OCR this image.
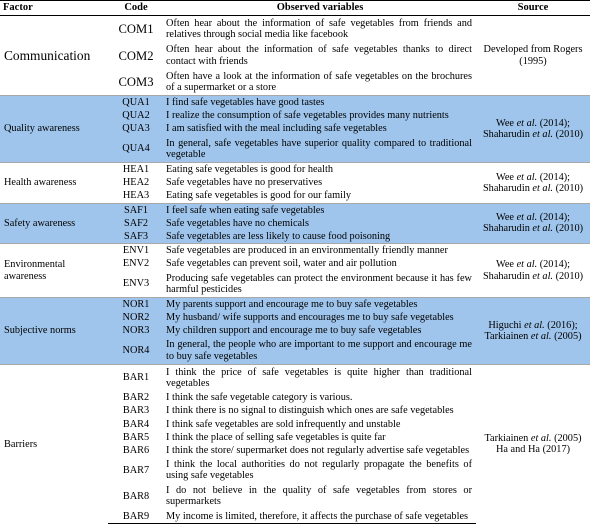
Factor	Code	Observed variables	Source
Communication	COM1	Often hear about the information of safe vegetables from friends and relatives through social media like facebook	Developed from Rogers (1995)
	COM2	Often hear about the information of safe vegetables thanks to direct contact with friends	
	COM3	Often have a look at the information of safe vegetables on the brochures of a supermarket or a store	
Quality awareness	QUA1	I find safe vegetables have good tastes	Wee et al. (2014); Shaharudin et al. (2010)
	QUA2	I realize the consumption of safe vegetables provides many nutrients	
	QUA3	I am satisfied with the meal including safe vegetables	
	QUA4	In general, safe vegetables have superior quality compared to traditional vegetable	
Health awareness	HEA1	Eating safe vegetables is good for health	Wee et al. (2014); Shaharudin et al. (2010)
	HEA2	Safe vegetables have no preservatives	
	HEA3	Eating safe vegetables is good for our family	
Safety awareness	SAF1	I feel safe when eating safe vegetables	Wee et al. (2014); Shaharudin et al. (2010)
	SAF2	Safe vegetables have no chemicals	
	SAF3	Safe vegetables are less likely to cause food poisoning	
Environmental awareness	ENV1	Safe vegetables are produced in an environmentally friendly manner	Wee et al. (2014); Shaharudin et al. (2010)
	ENV2	Safe vegetables can prevent soil, water and air pollution	
	ENV3	Producing safe vegetables can protect the environment because it has few harmful pesticides	
Subjective norms	NOR1	My parents support and encourage me to buy safe vegetables	Higuchi et al. (2016); Tarkiainen et al. (2005)
	NOR2	My husband/ wife supports and encourages me to buy safe vegetables	
	NOR3	My children support and encourage me to buy safe vegetables	
	NOR4	In general, the people who are important to me support and encourage me to buy safe vegetables	
Barriers	BAR1	I think the price of safe vegetables is quite higher than traditional vegetables	Tarkiainen et al. (2005) Ha and Ha (2017)
	BAR2	I think the safe vegetable category is various.	
	BAR3	I think there is no signal to distinguish which ones are safe vegetables	
	BAR4	I think safe vegetables are sold infrequently and unstable	
	BAR5	I think the place of selling safe vegetables is quite far	
	BAR6	I think the store/ supermarket does not regularly advertise safe vegetables	
	BAR7	I think the local authorities do not regularly propagate the benefits of using safe vegetables	
	BAR8	I do not believe in the quality of safe vegetables from stores or supermarkets	
	BAR9	My income is limited, therefore, it affects the purchase of safe vegetables	
